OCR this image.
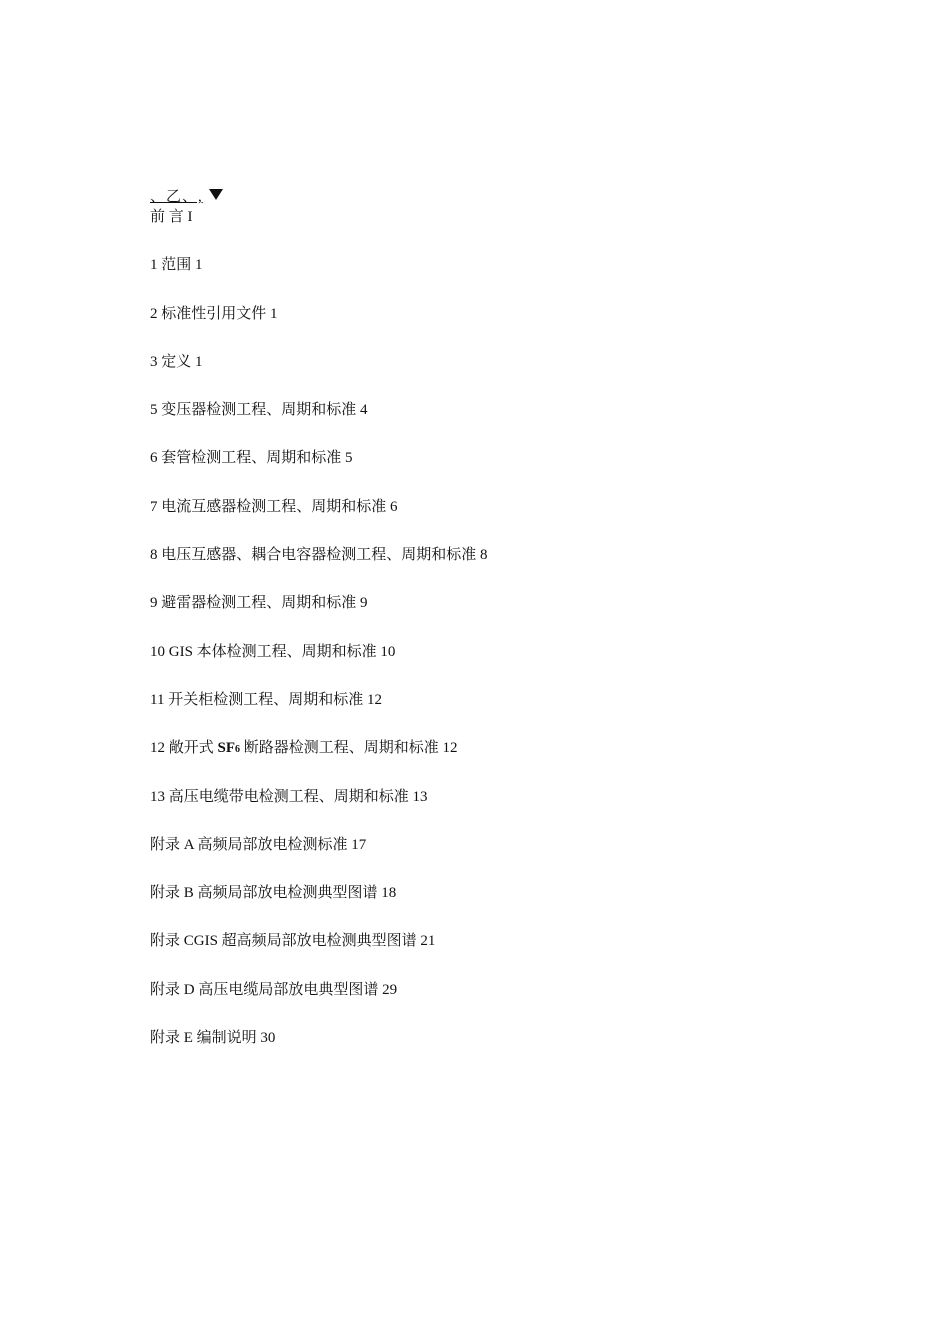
、乙、,
前 言 I
1 范围 1
2 标准性引用文件 1
3 定义 1
5 变压器检测工程、周期和标准 4
6 套管检测工程、周期和标准 5
7 电流互感器检测工程、周期和标准 6
8 电压互感器、耦合电容器检测工程、周期和标准 8
9 避雷器检测工程、周期和标准 9
10 GIS 本体检测工程、周期和标准 10
11 开关柜检测工程、周期和标准 12
12 敞开式 SF6 断路器检测工程、周期和标准 12
13 高压电缆带电检测工程、周期和标准 13
附录 A 高频局部放电检测标准 17
附录 B 高频局部放电检测典型图谱 18
附录 CGIS 超高频局部放电检测典型图谱 21
附录 D 高压电缆局部放电典型图谱 29
附录 E 编制说明 30
